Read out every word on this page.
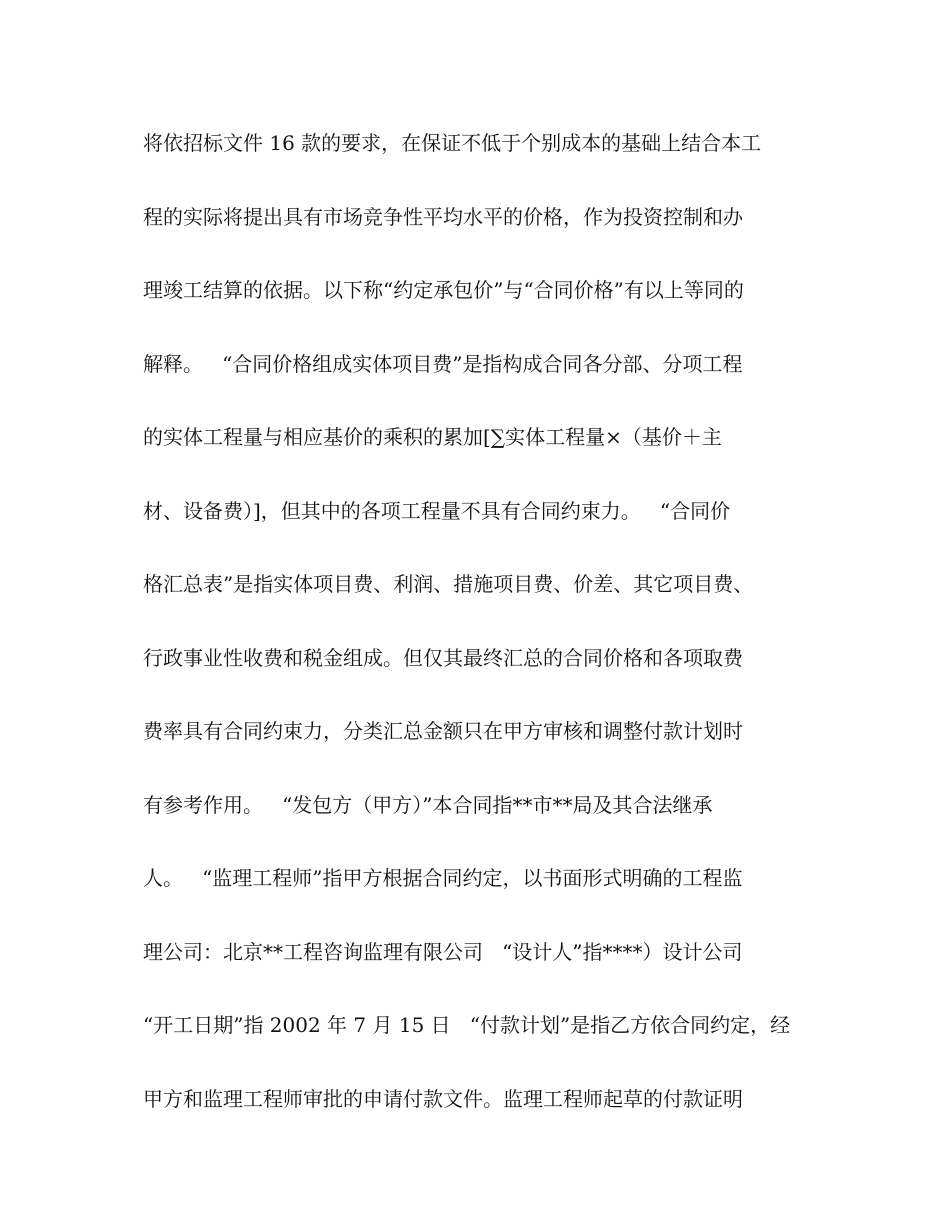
将依招标文件 16 款的要求，在保证不低于个别成本的基础上结合本工
程的实际将提出具有市场竞争性平均水平的价格，作为投资控制和办
理竣工结算的依据。以下称“约定承包价”与“合同价格”有以上等同的
解释。   “合同价格组成实体项目费”是指构成合同各分部、分项工程
的实体工程量与相应基价的乘积的累加[∑实体工程量×（基价＋主
材、设备费）]，但其中的各项工程量不具有合同约束力。   “合同价
格汇总表”是指实体项目费、利润、措施项目费、价差、其它项目费、
行政事业性收费和税金组成。但仅其最终汇总的合同价格和各项取费
费率具有合同约束力，分类汇总金额只在甲方审核和调整付款计划时
有参考作用。   “发包方（甲方）”本合同指**市**局及其合法继承
人。   “监理工程师”指甲方根据合同约定，以书面形式明确的工程监
理公司：北京**工程咨询监理有限公司   “设计人”指****）设计公司
“开工日期”指 2002 年 7 月 15 日   “付款计划”是指乙方依合同约定，经
甲方和监理工程师审批的申请付款文件。监理工程师起草的付款证明
